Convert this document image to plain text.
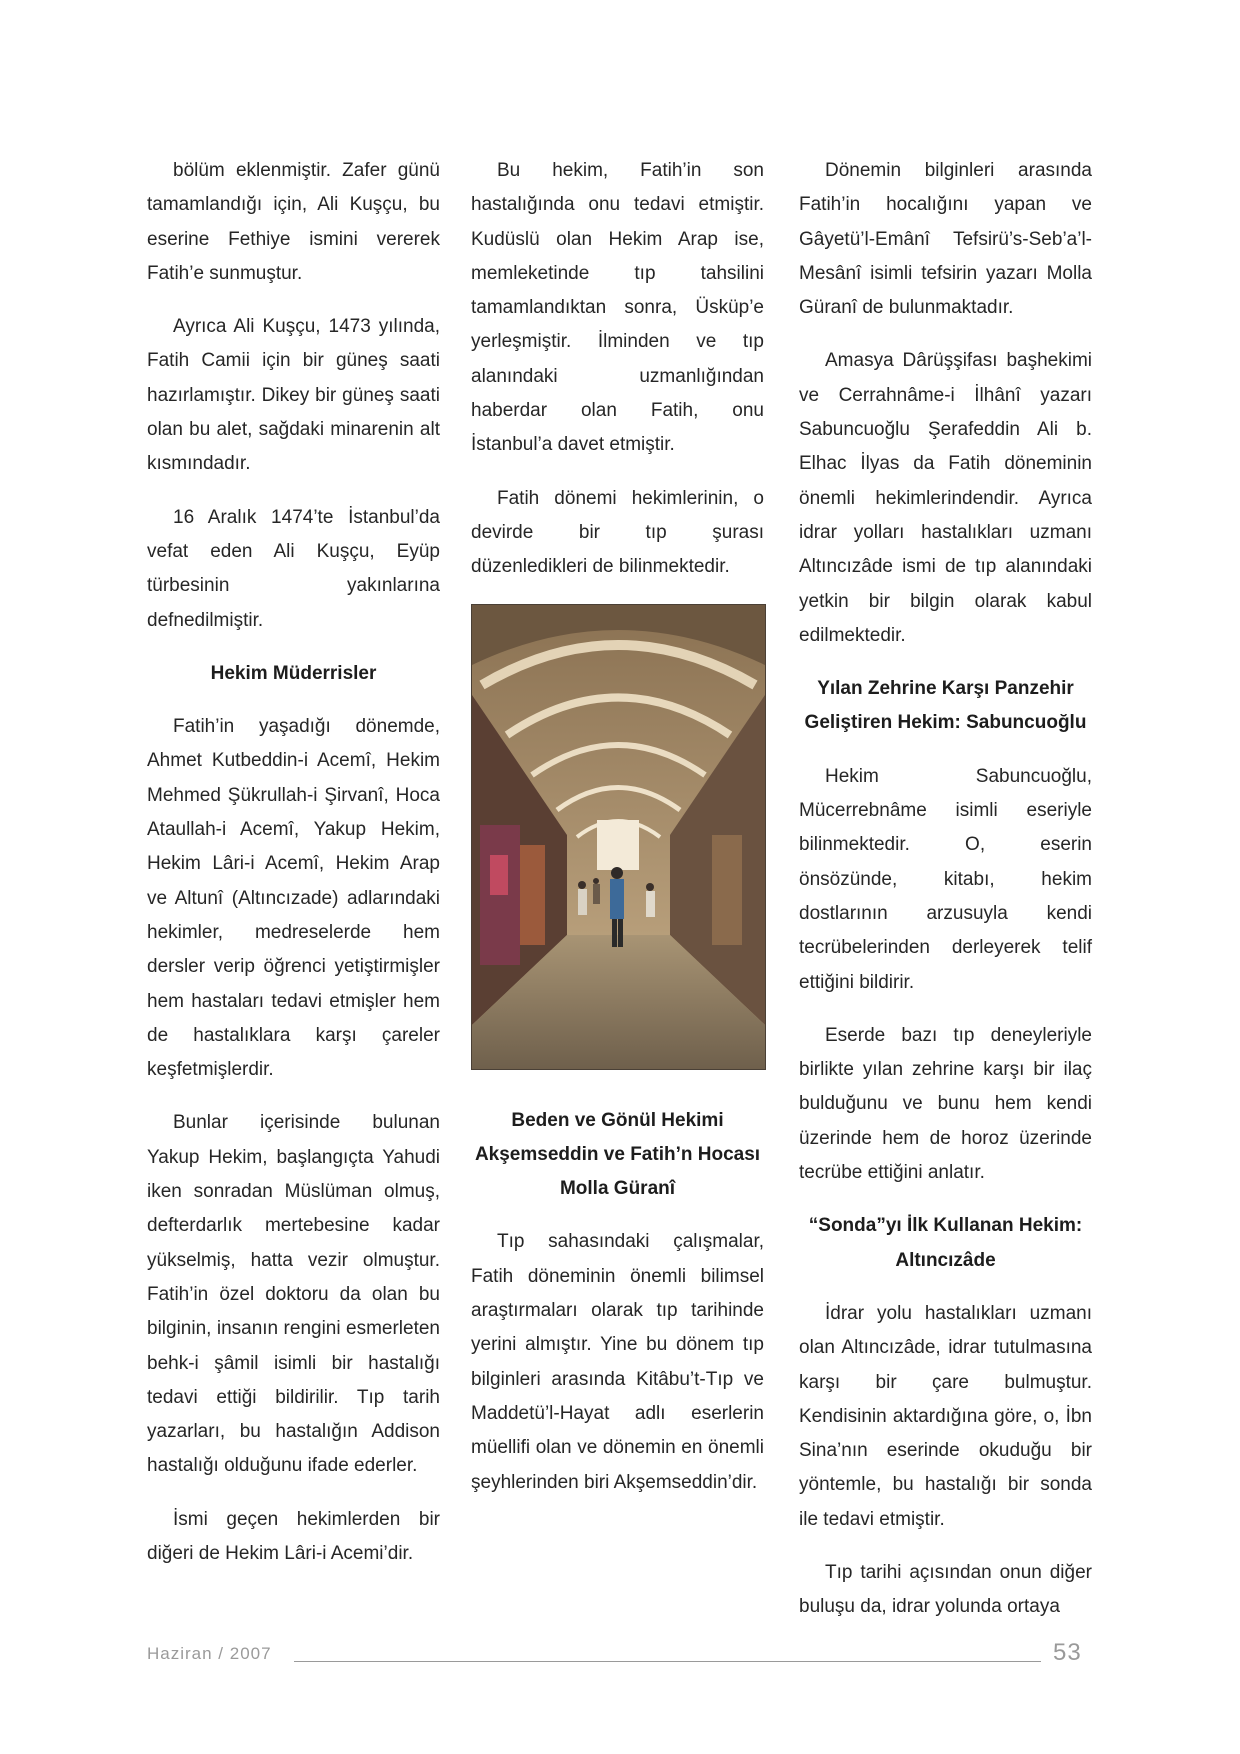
bölüm eklenmiştir. Zafer günü tamamlandığı için, Ali Kuşçu, bu eserine Fethiye ismini vererek Fatih’e sunmuştur.

Ayrıca Ali Kuşçu, 1473 yılında, Fatih Camii için bir güneş saati hazırlamıştır. Dikey bir güneş saati olan bu alet, sağdaki minarenin alt kısmındadır.

16 Aralık 1474’te İstanbul’da vefat eden Ali Kuşçu, Eyüp türbesinin yakınlarına defnedilmiştir.

Hekim Müderrisler

Fatih’in yaşadığı dönemde, Ahmet Kutbeddin-i Acemî, Hekim Mehmed Şükrullah-i Şirvanî, Hoca Ataullah-i Acemî, Yakup Hekim, Hekim Lâri-i Acemî, Hekim Arap ve Altunî (Altıncızade) adlarındaki hekimler, medreselerde hem dersler verip öğrenci yetiştirmişler hem hastaları tedavi etmişler hem de hastalıklara karşı çareler keşfetmişlerdir.

Bunlar içerisinde bulunan Yakup Hekim, başlangıçta Yahudi iken sonradan Müslüman olmuş, defterdarlık mertebesine kadar yükselmiş, hatta vezir olmuştur. Fatih’in özel doktoru da olan bu bilginin, insanın rengini esmerleten behk-i şâmil isimli bir hastalığı tedavi ettiği bildirilir. Tıp tarih yazarları, bu hastalığın Addison hastalığı olduğunu ifade ederler.

İsmi geçen hekimlerden bir diğeri de Hekim Lâri-i Acemi’dir.

Bu hekim, Fatih’in son hastalığında onu tedavi etmiştir. Kudüslü olan Hekim Arap ise, memleketinde tıp tahsilini tamamlandıktan sonra, Üsküp’e yerleşmiştir. İlminden ve tıp alanındaki uzmanlığından haberdar olan Fatih, onu İstanbul’a davet etmiştir.

Fatih dönemi hekimlerinin, o devirde bir tıp şurası düzenledikleri de bilinmektedir.

Beden ve Gönül Hekimi Akşemseddin ve Fatih’n Hocası Molla Güranî

Tıp sahasındaki çalışmalar, Fatih döneminin önemli bilimsel araştırmaları olarak tıp tarihinde yerini almıştır. Yine bu dönem tıp bilginleri arasında Kitâbu’t-Tıp ve Maddetü’l-Hayat adlı eserlerin müellifi olan ve dönemin en önemli şeyhlerinden biri Akşemseddin’dir.

Dönemin bilginleri arasında Fatih’in hocalığını yapan ve Gâyetü’l-Emânî Tefsirü’s-Seb’a’l-Mesânî isimli tefsirin yazarı Molla Güranî de bulunmaktadır.

Amasya Dârüşşifası başhekimi ve Cerrahnâme-i İlhânî yazarı Sabuncuoğlu Şerafeddin Ali b. Elhac İlyas da Fatih döneminin önemli hekimlerindendir. Ayrıca idrar yolları hastalıkları uzmanı Altıncızâde ismi de tıp alanındaki yetkin bir bilgin olarak kabul edilmektedir.

Yılan Zehrine Karşı Panzehir Geliştiren Hekim: Sabuncuoğlu

Hekim Sabuncuoğlu, Mücerrebnâme isimli eseriyle bilinmektedir. O, eserin önsözünde, kitabı, hekim dostlarının arzusuyla kendi tecrübelerinden derleyerek telif ettiğini bildirir.

Eserde bazı tıp deneyleriyle birlikte yılan zehrine karşı bir ilaç bulduğunu ve bunu hem kendi üzerinde hem de horoz üzerinde tecrübe ettiğini anlatır.

“Sonda”yı İlk Kullanan Hekim: Altıncızâde

İdrar yolu hastalıkları uzmanı olan Altıncızâde, idrar tutulmasına karşı bir çare bulmuştur. Kendisinin aktardığına göre, o, İbn Sina’nın eserinde okuduğu bir yöntemle, bu hastalığı bir sonda ile tedavi etmiştir.

Tıp tarihi açısından onun diğer buluşu da, idrar yolunda ortaya

Haziran / 2007	53
